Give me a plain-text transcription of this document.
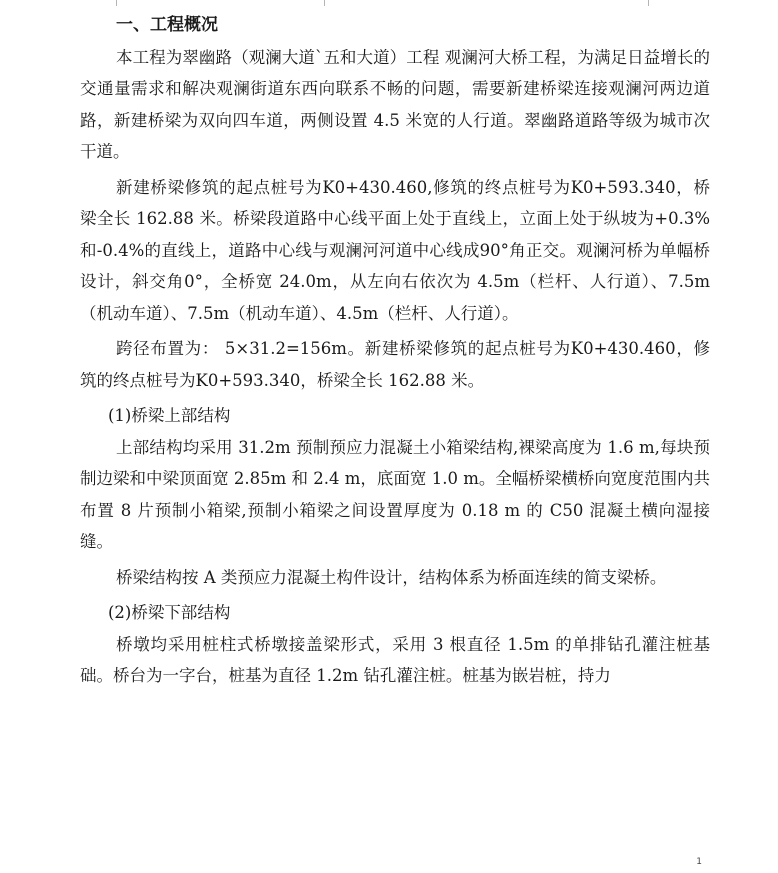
一、工程概况

本工程为翠幽路（观澜大道`五和大道）工程 观澜河大桥工程，为满足日益增长的交通量需求和解决观澜街道东西向联系不畅的问题，需要新建桥梁连接观澜河两边道路，新建桥梁为双向四车道，两侧设置 4.5 米宽的人行道。翠幽路道路等级为城市次干道。

新建桥梁修筑的起点桩号为K0+430.460,修筑的终点桩号为K0+593.340，桥梁全长 162.88 米。桥梁段道路中心线平面上处于直线上，立面上处于纵坡为+0.3%和-0.4%的直线上，道路中心线与观澜河河道中心线成90°角正交。观澜河桥为单幅桥设计，斜交角0°，全桥宽 24.0m，从左向右依次为 4.5m（栏杆、人行道）、7.5m（机动车道）、7.5m（机动车道）、4.5m（栏杆、人行道）。

跨径布置为： 5×31.2=156m。新建桥梁修筑的起点桩号为K0+430.460，修筑的终点桩号为K0+593.340，桥梁全长 162.88 米。

(1)桥梁上部结构

上部结构均采用 31.2m 预制预应力混凝土小箱梁结构,裸梁高度为 1.6 m,每块预制边梁和中梁顶面宽 2.85m 和 2.4 m，底面宽 1.0 m。全幅桥梁横桥向宽度范围内共布置 8 片预制小箱梁,预制小箱梁之间设置厚度为 0.18 m 的 C50 混凝土横向湿接缝。

桥梁结构按 A 类预应力混凝土构件设计，结构体系为桥面连续的简支梁桥。

(2)桥梁下部结构

桥墩均采用桩柱式桥墩接盖梁形式，采用 3 根直径 1.5m 的单排钻孔灌注桩基础。桥台为一字台，桩基为直径 1.2m 钻孔灌注桩。桩基为嵌岩桩，持力

1
